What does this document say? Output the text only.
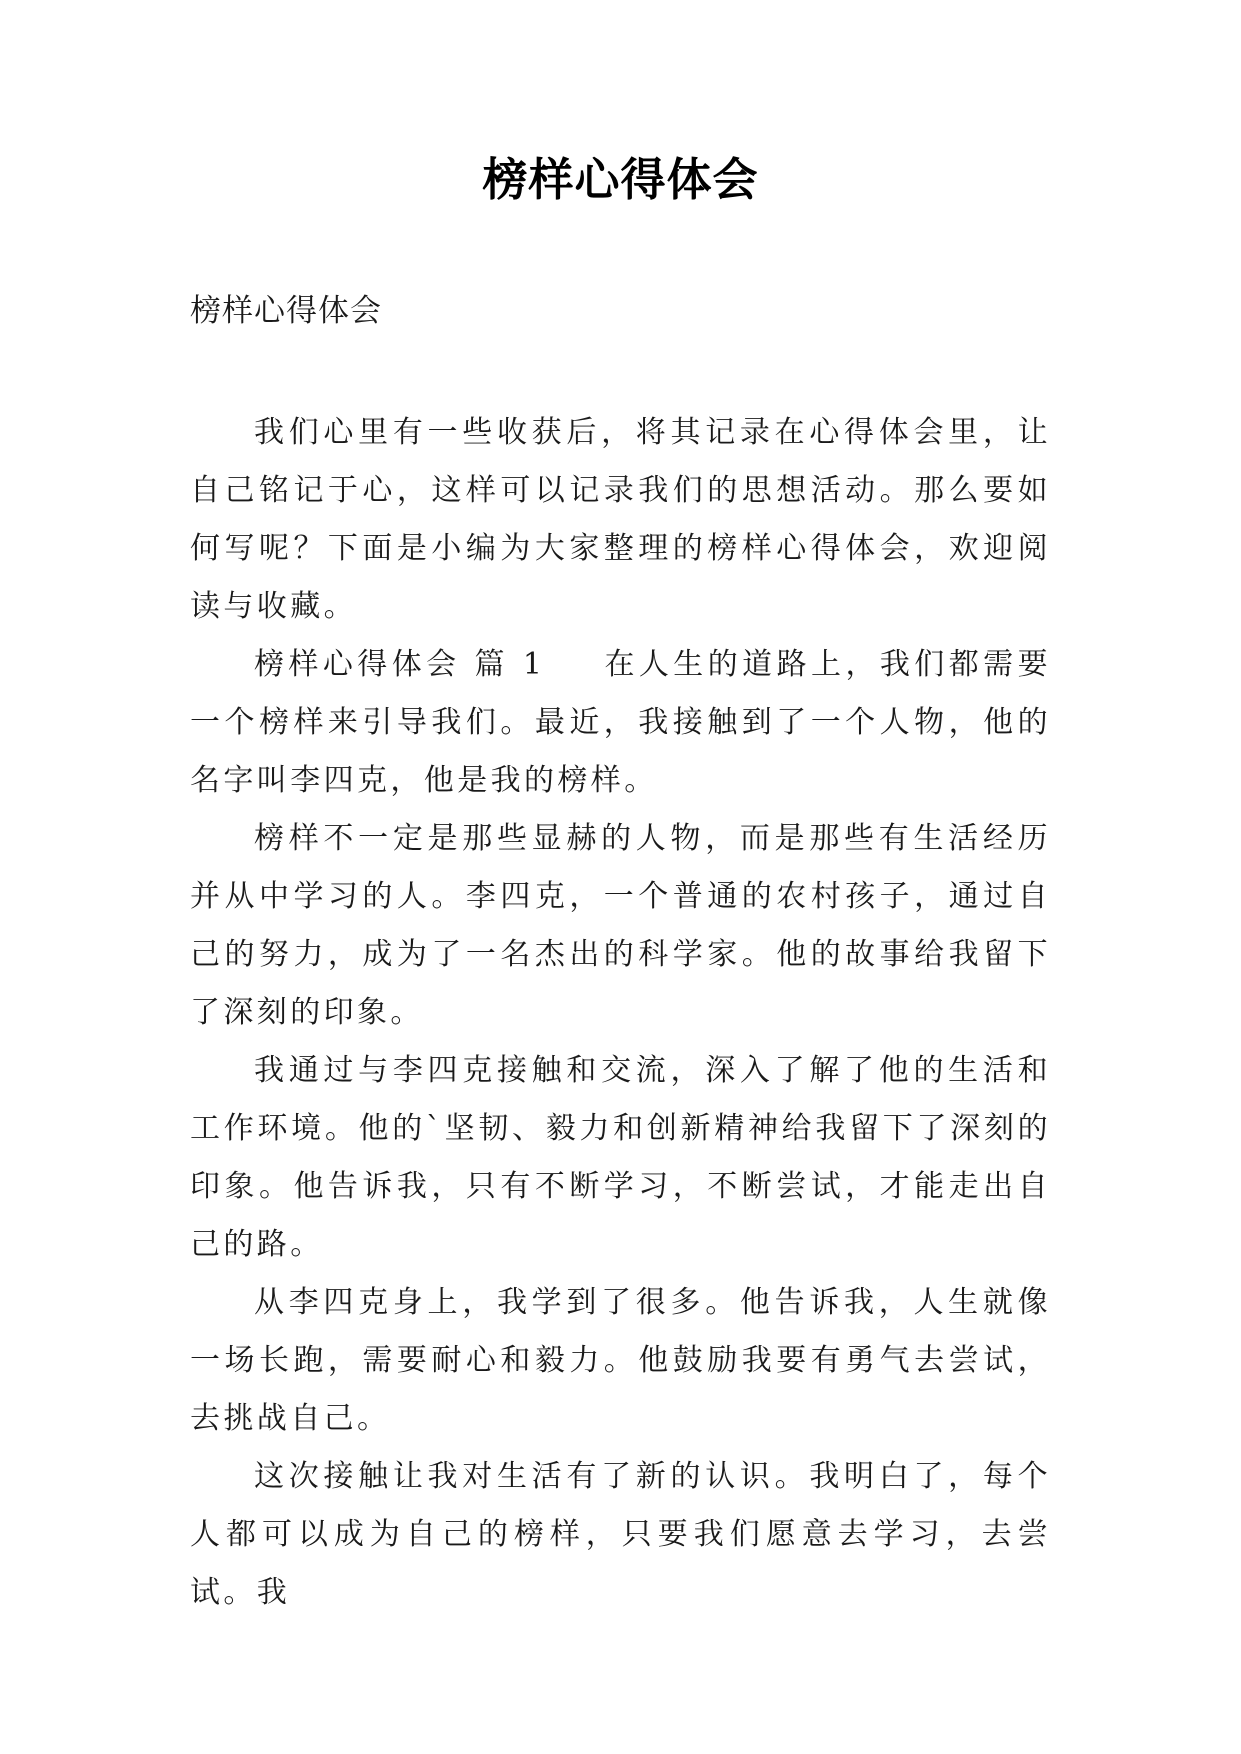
榜样心得体会
榜样心得体会

我们心里有一些收获后，将其记录在心得体会里，让自己铭记于心，这样可以记录我们的思想活动。那么要如何写呢？下面是小编为大家整理的榜样心得体会，欢迎阅读与收藏。

榜样心得体会 篇 1 在人生的道路上，我们都需要一个榜样来引导我们。最近，我接触到了一个人物，他的名字叫李四克，他是我的榜样。

榜样不一定是那些显赫的人物，而是那些有生活经历并从中学习的人。李四克，一个普通的农村孩子，通过自己的努力，成为了一名杰出的科学家。他的故事给我留下了深刻的印象。

我通过与李四克接触和交流，深入了解了他的生活和工作环境。他的`坚韧、毅力和创新精神给我留下了深刻的印象。他告诉我，只有不断学习，不断尝试，才能走出自己的路。

从李四克身上，我学到了很多。他告诉我，人生就像一场长跑，需要耐心和毅力。他鼓励我要有勇气去尝试，去挑战自己。

这次接触让我对生活有了新的认识。我明白了，每个人都可以成为自己的榜样，只要我们愿意去学习，去尝试。我
